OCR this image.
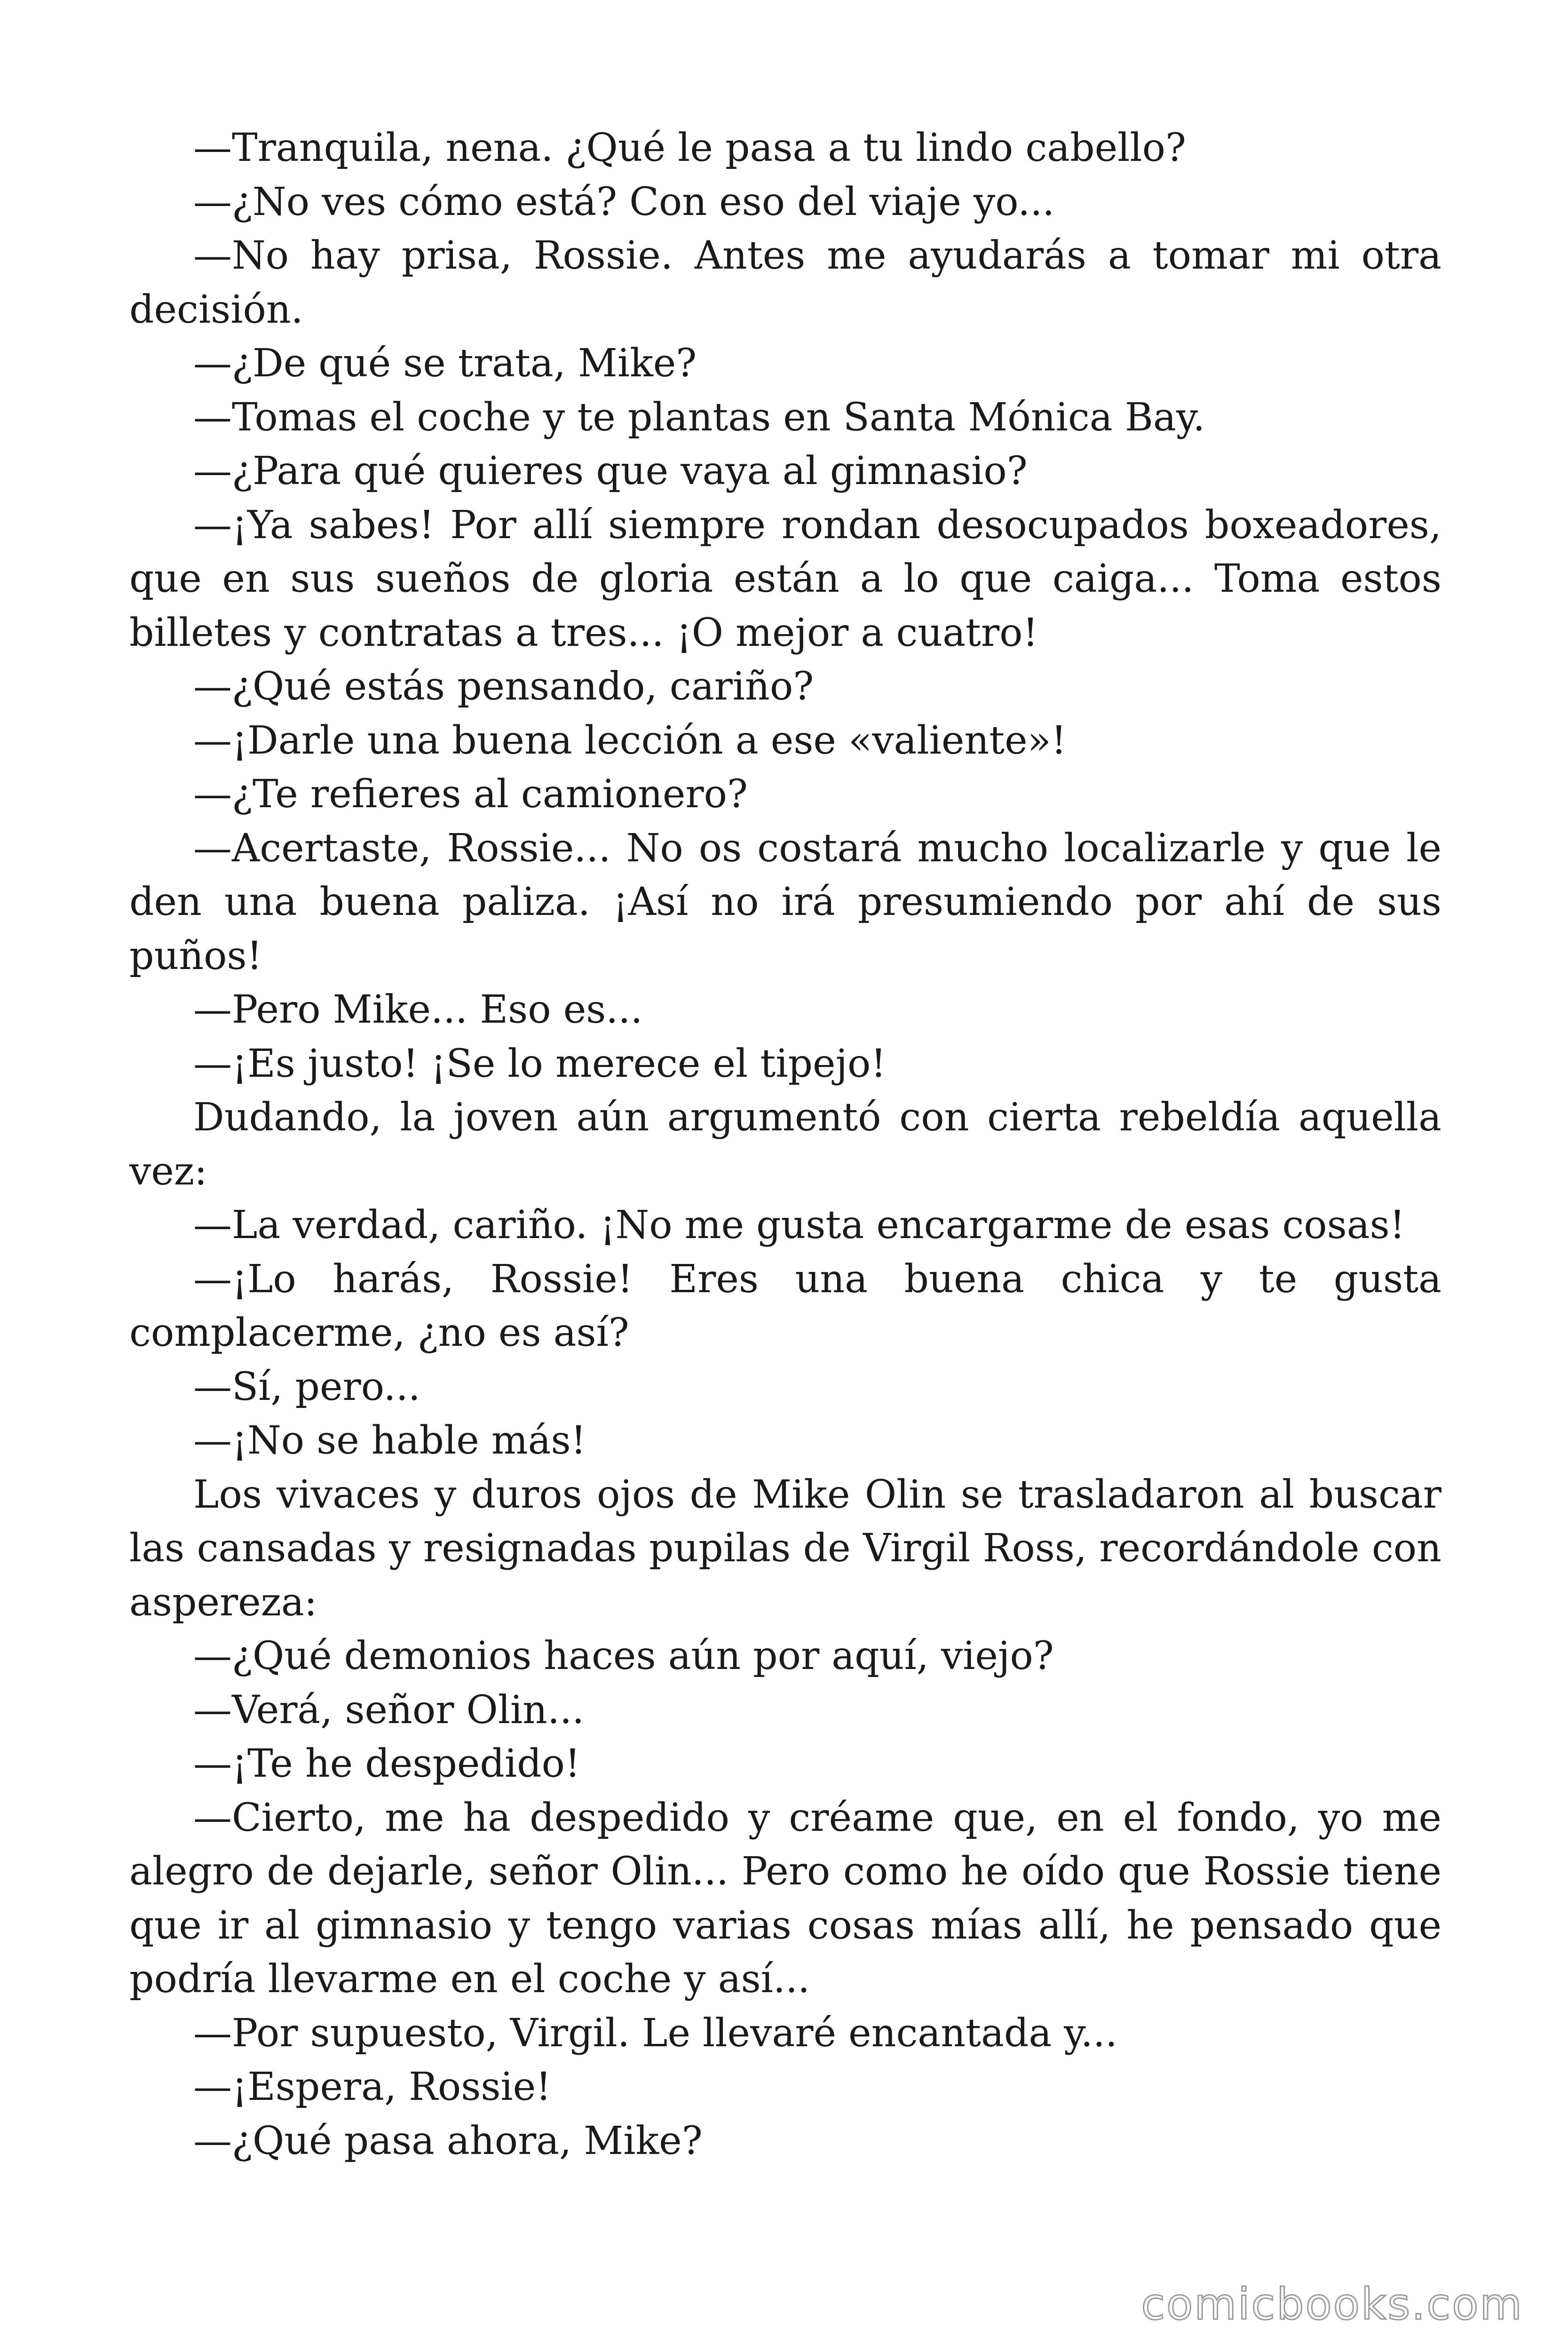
—Tranquila, nena. ¿Qué le pasa a tu lindo cabello?

—¿No ves cómo está? Con eso del viaje yo...

—No hay prisa, Rossie. Antes me ayudarás a tomar mi otra decisión.

—¿De qué se trata, Mike?

—Tomas el coche y te plantas en Santa Mónica Bay.

—¿Para qué quieres que vaya al gimnasio?

—¡Ya sabes! Por allí siempre rondan desocupados boxeadores, que en sus sueños de gloria están a lo que caiga... Toma estos billetes y contratas a tres... ¡O mejor a cuatro!

—¿Qué estás pensando, cariño?

—¡Darle una buena lección a ese «valiente»!

—¿Te refieres al camionero?

—Acertaste, Rossie... No os costará mucho localizarle y que le den una buena paliza. ¡Así no irá presumiendo por ahí de sus puños!

—Pero Mike... Eso es...

—¡Es justo! ¡Se lo merece el tipejo!

Dudando, la joven aún argumentó con cierta rebeldía aquella vez:

—La verdad, cariño. ¡No me gusta encargarme de esas cosas!

—¡Lo harás, Rossie! Eres una buena chica y te gusta complacerme, ¿no es así?

—Sí, pero...

—¡No se hable más!

Los vivaces y duros ojos de Mike Olin se trasladaron al buscar las cansadas y resignadas pupilas de Virgil Ross, recordándole con aspereza:

—¿Qué demonios haces aún por aquí, viejo?

—Verá, señor Olin...

—¡Te he despedido!

—Cierto, me ha despedido y créame que, en el fondo, yo me alegro de dejarle, señor Olin... Pero como he oído que Rossie tiene que ir al gimnasio y tengo varias cosas mías allí, he pensado que podría llevarme en el coche y así...

—Por supuesto, Virgil. Le llevaré encantada y...

—¡Espera, Rossie!

—¿Qué pasa ahora, Mike?

comicbooks.com
